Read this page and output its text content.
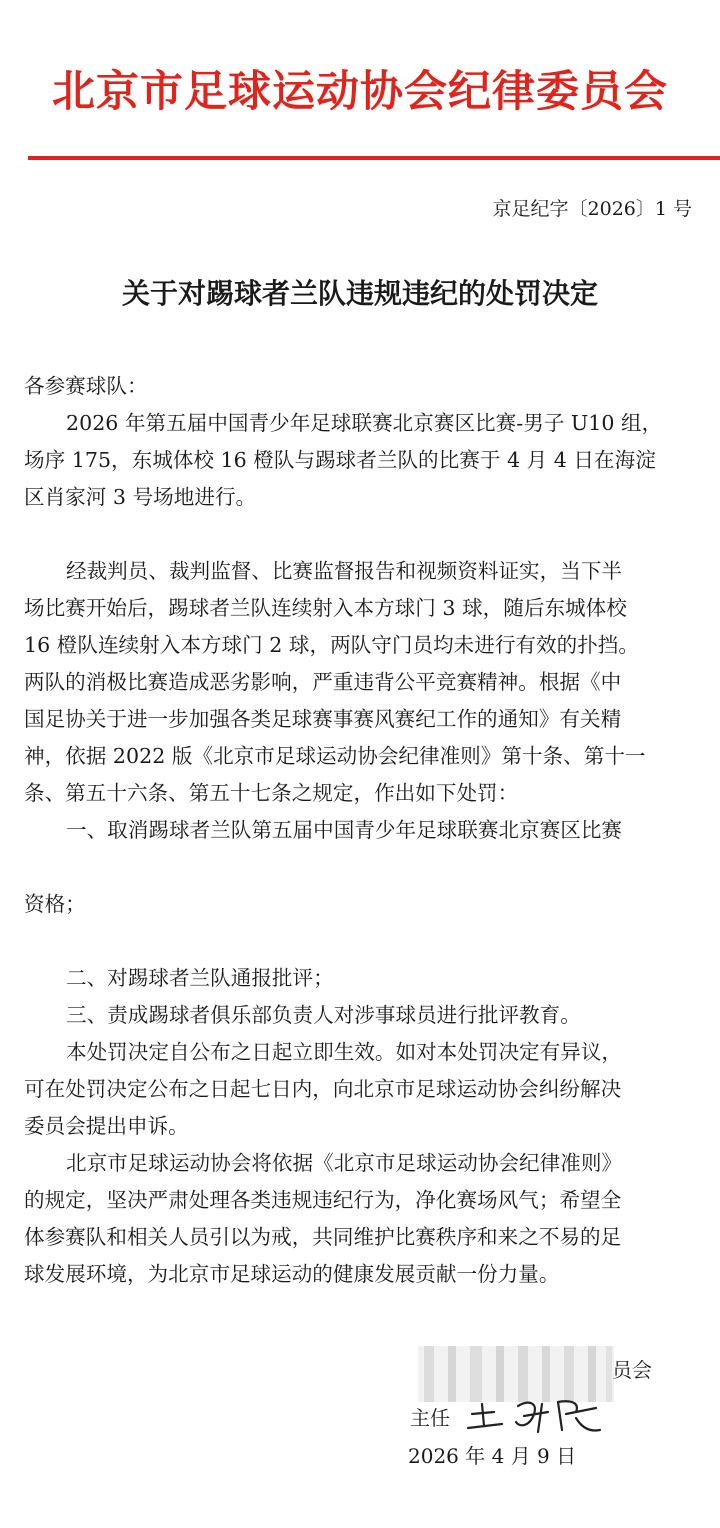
北京市足球运动协会纪律委员会
京足纪字〔2026〕1 号
关于对踢球者兰队违规违纪的处罚决定
各参赛球队：
2026 年第五届中国青少年足球联赛北京赛区比赛-男子 U10 组，
场序 175，东城体校 16 橙队与踢球者兰队的比赛于 4 月 4 日在海淀
区肖家河 3 号场地进行。

经裁判员、裁判监督、比赛监督报告和视频资料证实，当下半
场比赛开始后，踢球者兰队连续射入本方球门 3 球，随后东城体校
16 橙队连续射入本方球门 2 球，两队守门员均未进行有效的扑挡。
两队的消极比赛造成恶劣影响，严重违背公平竞赛精神。根据《中
国足协关于进一步加强各类足球赛事赛风赛纪工作的通知》有关精
神，依据 2022 版《北京市足球运动协会纪律准则》第十条、第十一
条、第五十六条、第五十七条之规定，作出如下处罚：
一、取消踢球者兰队第五届中国青少年足球联赛北京赛区比赛

资格；

二、对踢球者兰队通报批评；
三、责成踢球者俱乐部负责人对涉事球员进行批评教育。
本处罚决定自公布之日起立即生效。如对本处罚决定有异议，
可在处罚决定公布之日起七日内，向北京市足球运动协会纠纷解决
委员会提出申诉。
北京市足球运动协会将依据《北京市足球运动协会纪律准则》
的规定，坚决严肃处理各类违规违纪行为，净化赛场风气；希望全
体参赛队和相关人员引以为戒，共同维护比赛秩序和来之不易的足
球发展环境，为北京市足球运动的健康发展贡献一份力量。
员会
主任
2026 年 4 月 9 日
